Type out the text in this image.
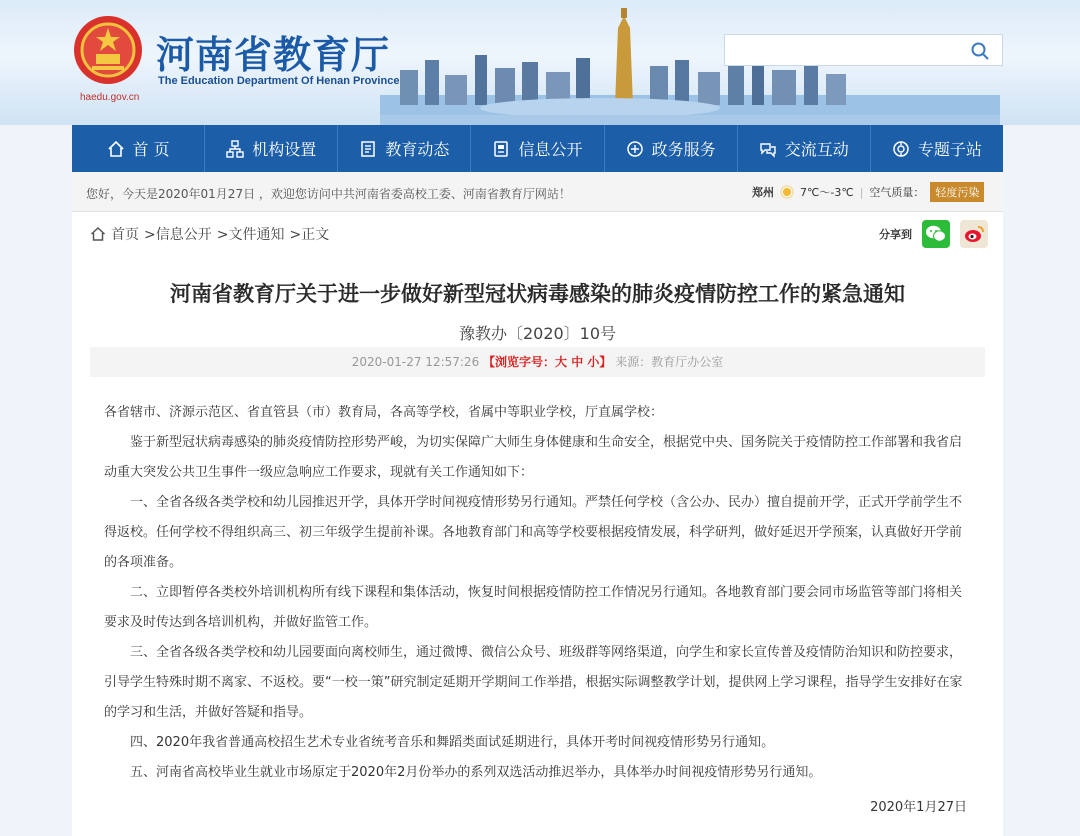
haedu.gov.cn
河南省教育厅
The Education Department Of Henan Province
首 页	机构设置	教育动态	信息公开	政务服务	交流互动	专题子站
您好，今天是2020年01月27日 ，欢迎您访问中共河南省委高校工委、河南省教育厅网站！	郑州 7℃～-3℃ | 空气质量：	轻度污染
首页 >信息公开 >文件通知 >正文	分享到
河南省教育厅关于进一步做好新型冠状病毒感染的肺炎疫情防控工作的紧急通知
豫教办〔2020〕10号
2020-01-27 12:57:26 【浏览字号：大 中 小】 来源：教育厅办公室

各省辖市、济源示范区、省直管县（市）教育局，各高等学校，省属中等职业学校，厅直属学校：

鉴于新型冠状病毒感染的肺炎疫情防控形势严峻，为切实保障广大师生身体健康和生命安全，根据党中央、国务院关于疫情防控工作部署和我省启动重大突发公共卫生事件一级应急响应工作要求，现就有关工作通知如下：

一、全省各级各类学校和幼儿园推迟开学，具体开学时间视疫情形势另行通知。严禁任何学校（含公办、民办）擅自提前开学，正式开学前学生不得返校。任何学校不得组织高三、初三年级学生提前补课。各地教育部门和高等学校要根据疫情发展，科学研判，做好延迟开学预案，认真做好开学前的各项准备。

二、立即暂停各类校外培训机构所有线下课程和集体活动，恢复时间根据疫情防控工作情况另行通知。各地教育部门要会同市场监管等部门将相关要求及时传达到各培训机构，并做好监管工作。

三、全省各级各类学校和幼儿园要面向离校师生，通过微博、微信公众号、班级群等网络渠道，向学生和家长宣传普及疫情防治知识和防控要求，引导学生特殊时期不离家、不返校。要“一校一策”研究制定延期开学期间工作举措，根据实际调整教学计划，提供网上学习课程，指导学生安排好在家的学习和生活，并做好答疑和指导。

四、2020年我省普通高校招生艺术专业省统考音乐和舞蹈类面试延期进行，具体开考时间视疫情形势另行通知。

五、河南省高校毕业生就业市场原定于2020年2月份举办的系列双选活动推迟举办，具体举办时间视疫情形势另行通知。

2020年1月27日
